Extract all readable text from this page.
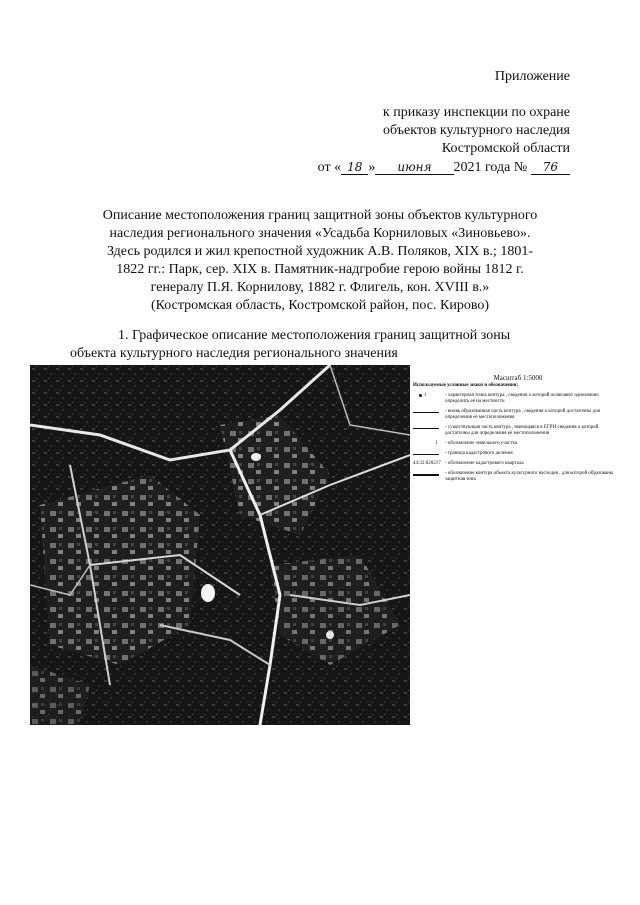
Приложение
к приказу инспекции по охране
объектов культурного наследия
Костромской области
от « 18 » июня 2021 года № 76
Описание местоположения границ защитной зоны объектов культурного
наследия регионального значения «Усадьба Корниловых «Зиновьево».
Здесь родился и жил крепостной художник А.В. Поляков, XIX в.; 1801-
1822 гг.: Парк, сер. XIX в. Памятник-надгробие герою войны 1812 г.
генералу П.Я. Корнилову, 1882 г. Флигель, кон. XVIII в.»
(Костромская область, Костромской район, пос. Кирово)
1. Графическое описание местоположения границ защитной зоны
объекта культурного наследия регионального значения
Масштаб 1:5000
Используемые условные знаки и обозначения:
1	- характерная точка контура , сведения о которой позволяют однозначно определить её на местности
- вновь образованная часть контура , сведения о которой достаточны для определения её местоположения
- существующая часть контура , имеющаяся в ЕГРН сведения о которой достаточны для определения её местоположения
1 - обозначение земельного участка
- граница кадастрового деления
44:32:020217 - обозначение кадастрового квартала
- обозначение контура объекта культурного наследия , для которой образованы защитная зона
